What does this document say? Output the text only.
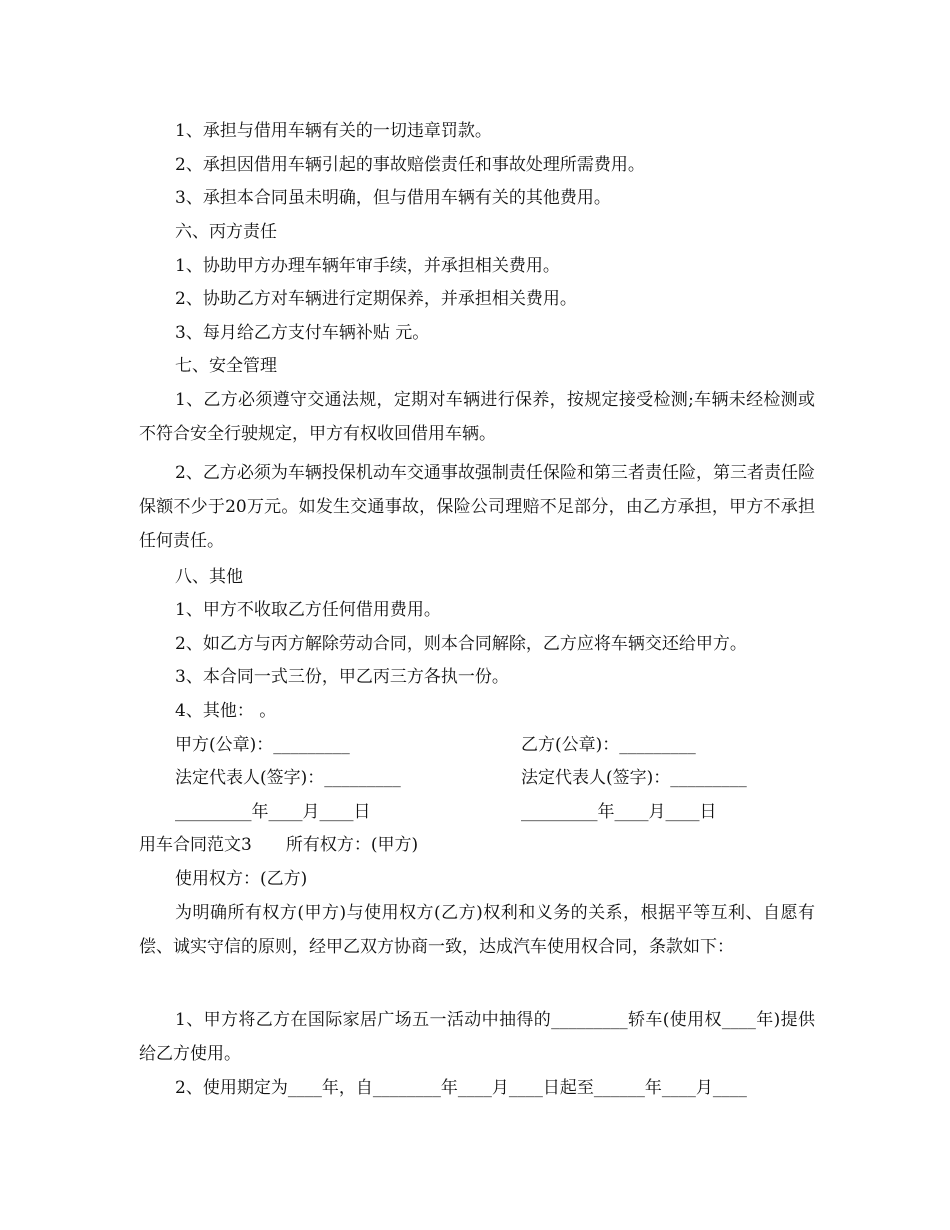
1、承担与借用车辆有关的一切违章罚款。
2、承担因借用车辆引起的事故赔偿责任和事故处理所需费用。
3、承担本合同虽未明确，但与借用车辆有关的其他费用。
六、丙方责任
1、协助甲方办理车辆年审手续，并承担相关费用。
2、协助乙方对车辆进行定期保养，并承担相关费用。
3、每月给乙方支付车辆补贴 元。
七、安全管理
1、乙方必须遵守交通法规，定期对车辆进行保养，按规定接受检测;车辆未经检测或不符合安全行驶规定，甲方有权收回借用车辆。
2、乙方必须为车辆投保机动车交通事故强制责任保险和第三者责任险，第三者责任险保额不少于20万元。如发生交通事故，保险公司理赔不足部分，由乙方承担，甲方不承担任何责任。
八、其他
1、甲方不收取乙方任何借用费用。
2、如乙方与丙方解除劳动合同，则本合同解除，乙方应将车辆交还给甲方。
3、本合同一式三份，甲乙丙三方各执一份。
4、其他： 。
甲方(公章)：_________	乙方(公章)：_________
法定代表人(签字)：_________	法定代表人(签字)：_________
_________年____月____日	_________年____月____日
用车合同范文3 所有权方：(甲方)
使用权方：(乙方)
为明确所有权方(甲方)与使用权方(乙方)权利和义务的关系，根据平等互利、自愿有偿、诚实守信的原则，经甲乙双方协商一致，达成汽车使用权合同，条款如下：
1、甲方将乙方在国际家居广场五一活动中抽得的_________轿车(使用权____年)提供给乙方使用。
2、使用期定为____年，自________年____月____日起至______年____月____
